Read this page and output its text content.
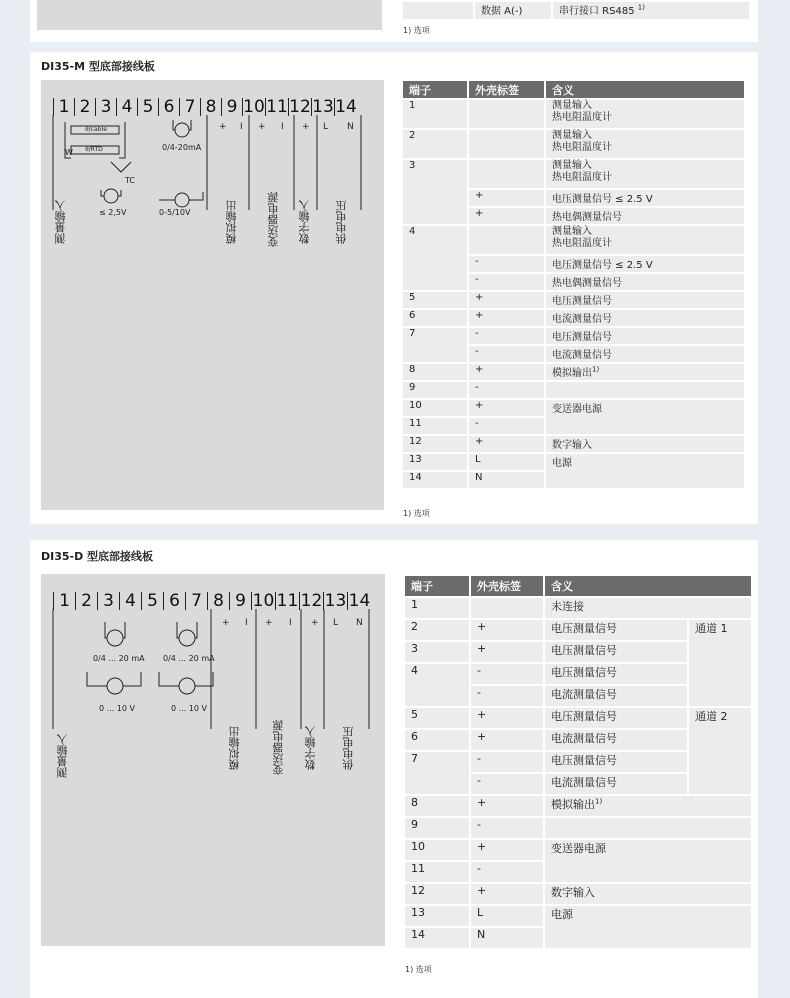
	数据 A(-)	串行接口 RS485 $^{1)}$
1) 选项
DI35-M 型底部接线板
1 2 3 4 5 6 7 8 9 10 11 12 13 14
+ I + I + L N
ϑ/cable
ϑ/RTD
W
TC
≤ 2,5V
0/4-20mA
0-5/10V
测量输入	模拟输出	变送器电源 数字输入 供电电压
端子	外壳标签	含义
1		测量输入
热电阻温度计

2		测量输入
热电阻温度计

3		测量输入
热电阻温度计

	+	电压测量信号 ≤ 2.5 V
	+	热电偶测量信号
4		测量输入
热电阻温度计

	-	电压测量信号 ≤ 2.5 V
	-	热电偶测量信号
5	+	电压测量信号
6	+	电流测量信号
7	-	电压测量信号
	-	电流测量信号
8	+	模拟输出$^{1)}$
9	-	
10	+	变送器电源
11	-	
12	+	数字输入
13	L	电源
14	N	
1) 选项
DI35-D 型底部接线板
1 2 3 4 5 6 7 8 9 10 11 12 13 14
+ I + I + L N
0/4 ... 20 mA 0/4 ... 20 mA
0 ... 10 V	0 ... 10 V
测量输入	模拟输出	变送器电源 数字输入 供电电压
端子	外壳标签	含义	
1		未连接	
2	+	电压测量信号	通道 1
3	+	电压测量信号	
4	-	电压测量信号	
	-	电流测量信号	
5	+	电压测量信号	通道 2
6	+	电流测量信号	
7	-	电压测量信号	
	-	电流测量信号	
8	+	模拟输出$^{1)}$
9	-		
10	+	变送器电源	
11	-		
12	+	数字输入	
13	L	电源	
14	N		
1) 选项
